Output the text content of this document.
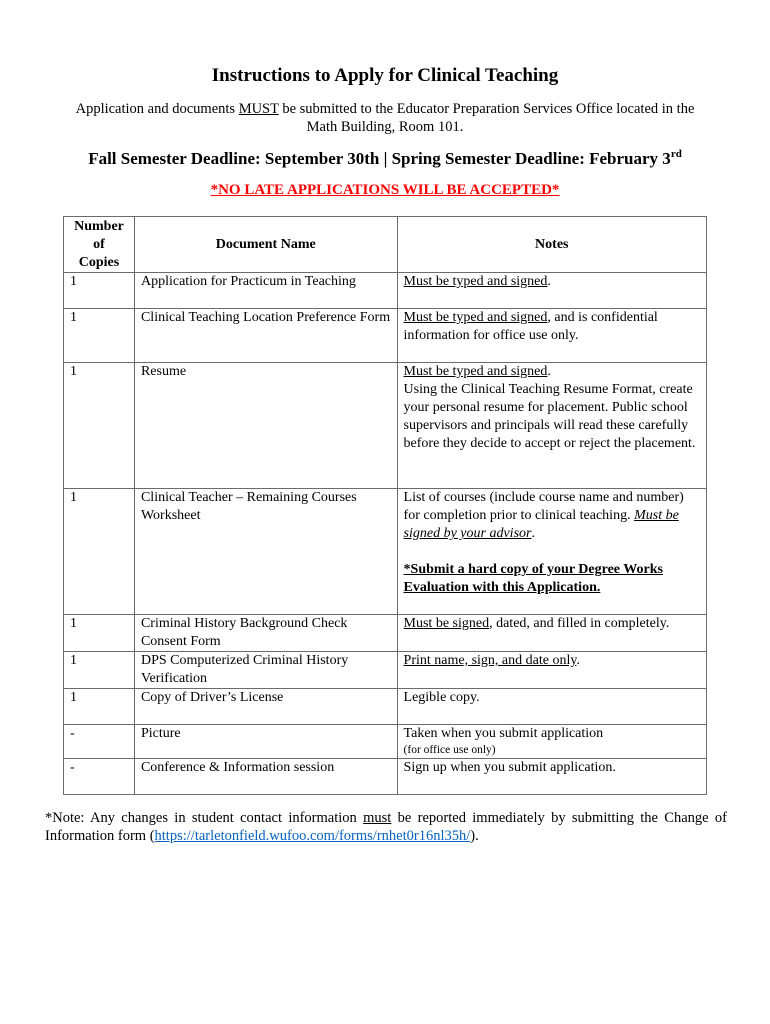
Instructions to Apply for Clinical Teaching
Application and documents MUST be submitted to the Educator Preparation Services Office located in the
Math Building, Room 101.
Fall Semester Deadline: September 30th | Spring Semester Deadline: February 3rd
*NO LATE APPLICATIONS WILL BE ACCEPTED*
Number
of
Copies	Document Name	Notes
1	Application for Practicum in Teaching	Must be typed and signed.
1	Clinical Teaching Location Preference Form	Must be typed and signed, and is confidential information for office use only.
1	Resume	Must be typed and signed.
Using the Clinical Teaching Resume Format, create your personal resume for placement. Public school supervisors and principals will read these carefully before they decide to accept or reject the placement.
1	Clinical Teacher – Remaining Courses Worksheet	List of courses (include course name and number) for completion prior to clinical teaching. Must be signed by your advisor.
*Submit a hard copy of your Degree Works Evaluation with this Application.
1	Criminal History Background Check Consent Form	Must be signed, dated, and filled in completely.
1	DPS Computerized Criminal History Verification	Print name, sign, and date only.
1	Copy of Driver’s License	Legible copy.
-	Picture	Taken when you submit application
(for office use only)

-	Conference & Information session	Sign up when you submit application.
*Note: Any changes in student contact information must be reported immediately by submitting the Change of Information form (https://tarletonfield.wufoo.com/forms/rnhet0r16nl35h/).
